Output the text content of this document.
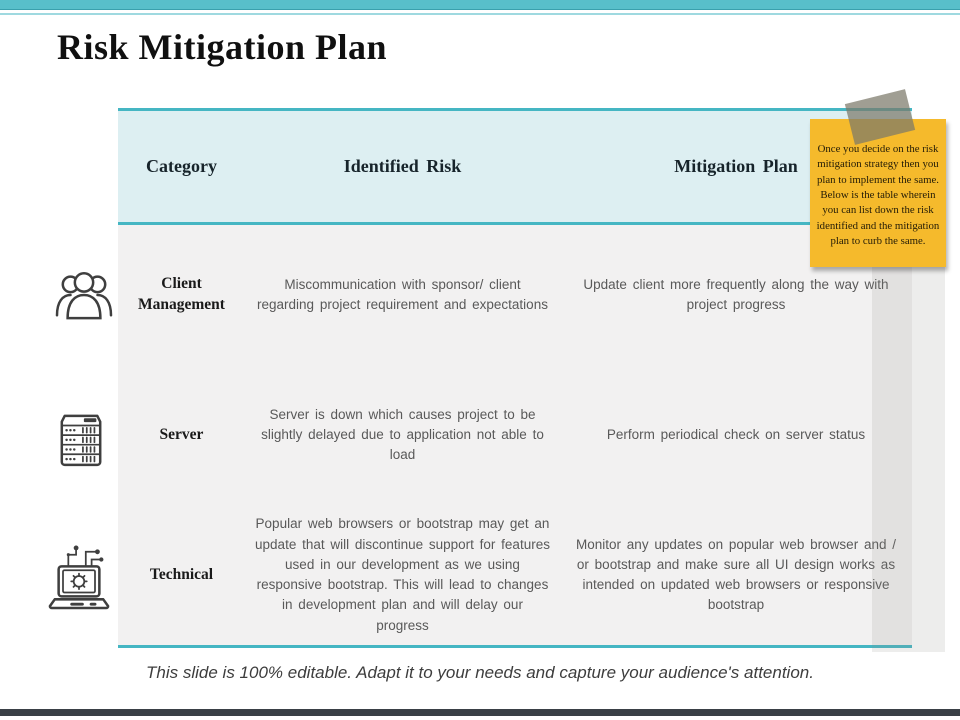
Risk Mitigation Plan
Category	Identified Risk	Mitigation Plan
Client Management
Miscommunication with sponsor/ client regarding project requirement and expectations
Update client more frequently along the way with project progress
Server
Server is down which causes project to be slightly delayed due to application not able to load
Perform periodical check on server status
Technical
Popular web browsers or bootstrap may get an update that will discontinue support for features used in our development as we using responsive bootstrap. This will lead to changes in development plan and will delay our progress
Monitor any updates on popular web browser and / or bootstrap and make sure all UI design works as intended on updated web browsers or responsive bootstrap
Once you decide on the risk mitigation strategy then you plan to implement the same. Below is the table wherein you can list down the risk identified and the mitigation plan to curb the same.
This slide is 100% editable. Adapt it to your needs and capture your audience's attention.
